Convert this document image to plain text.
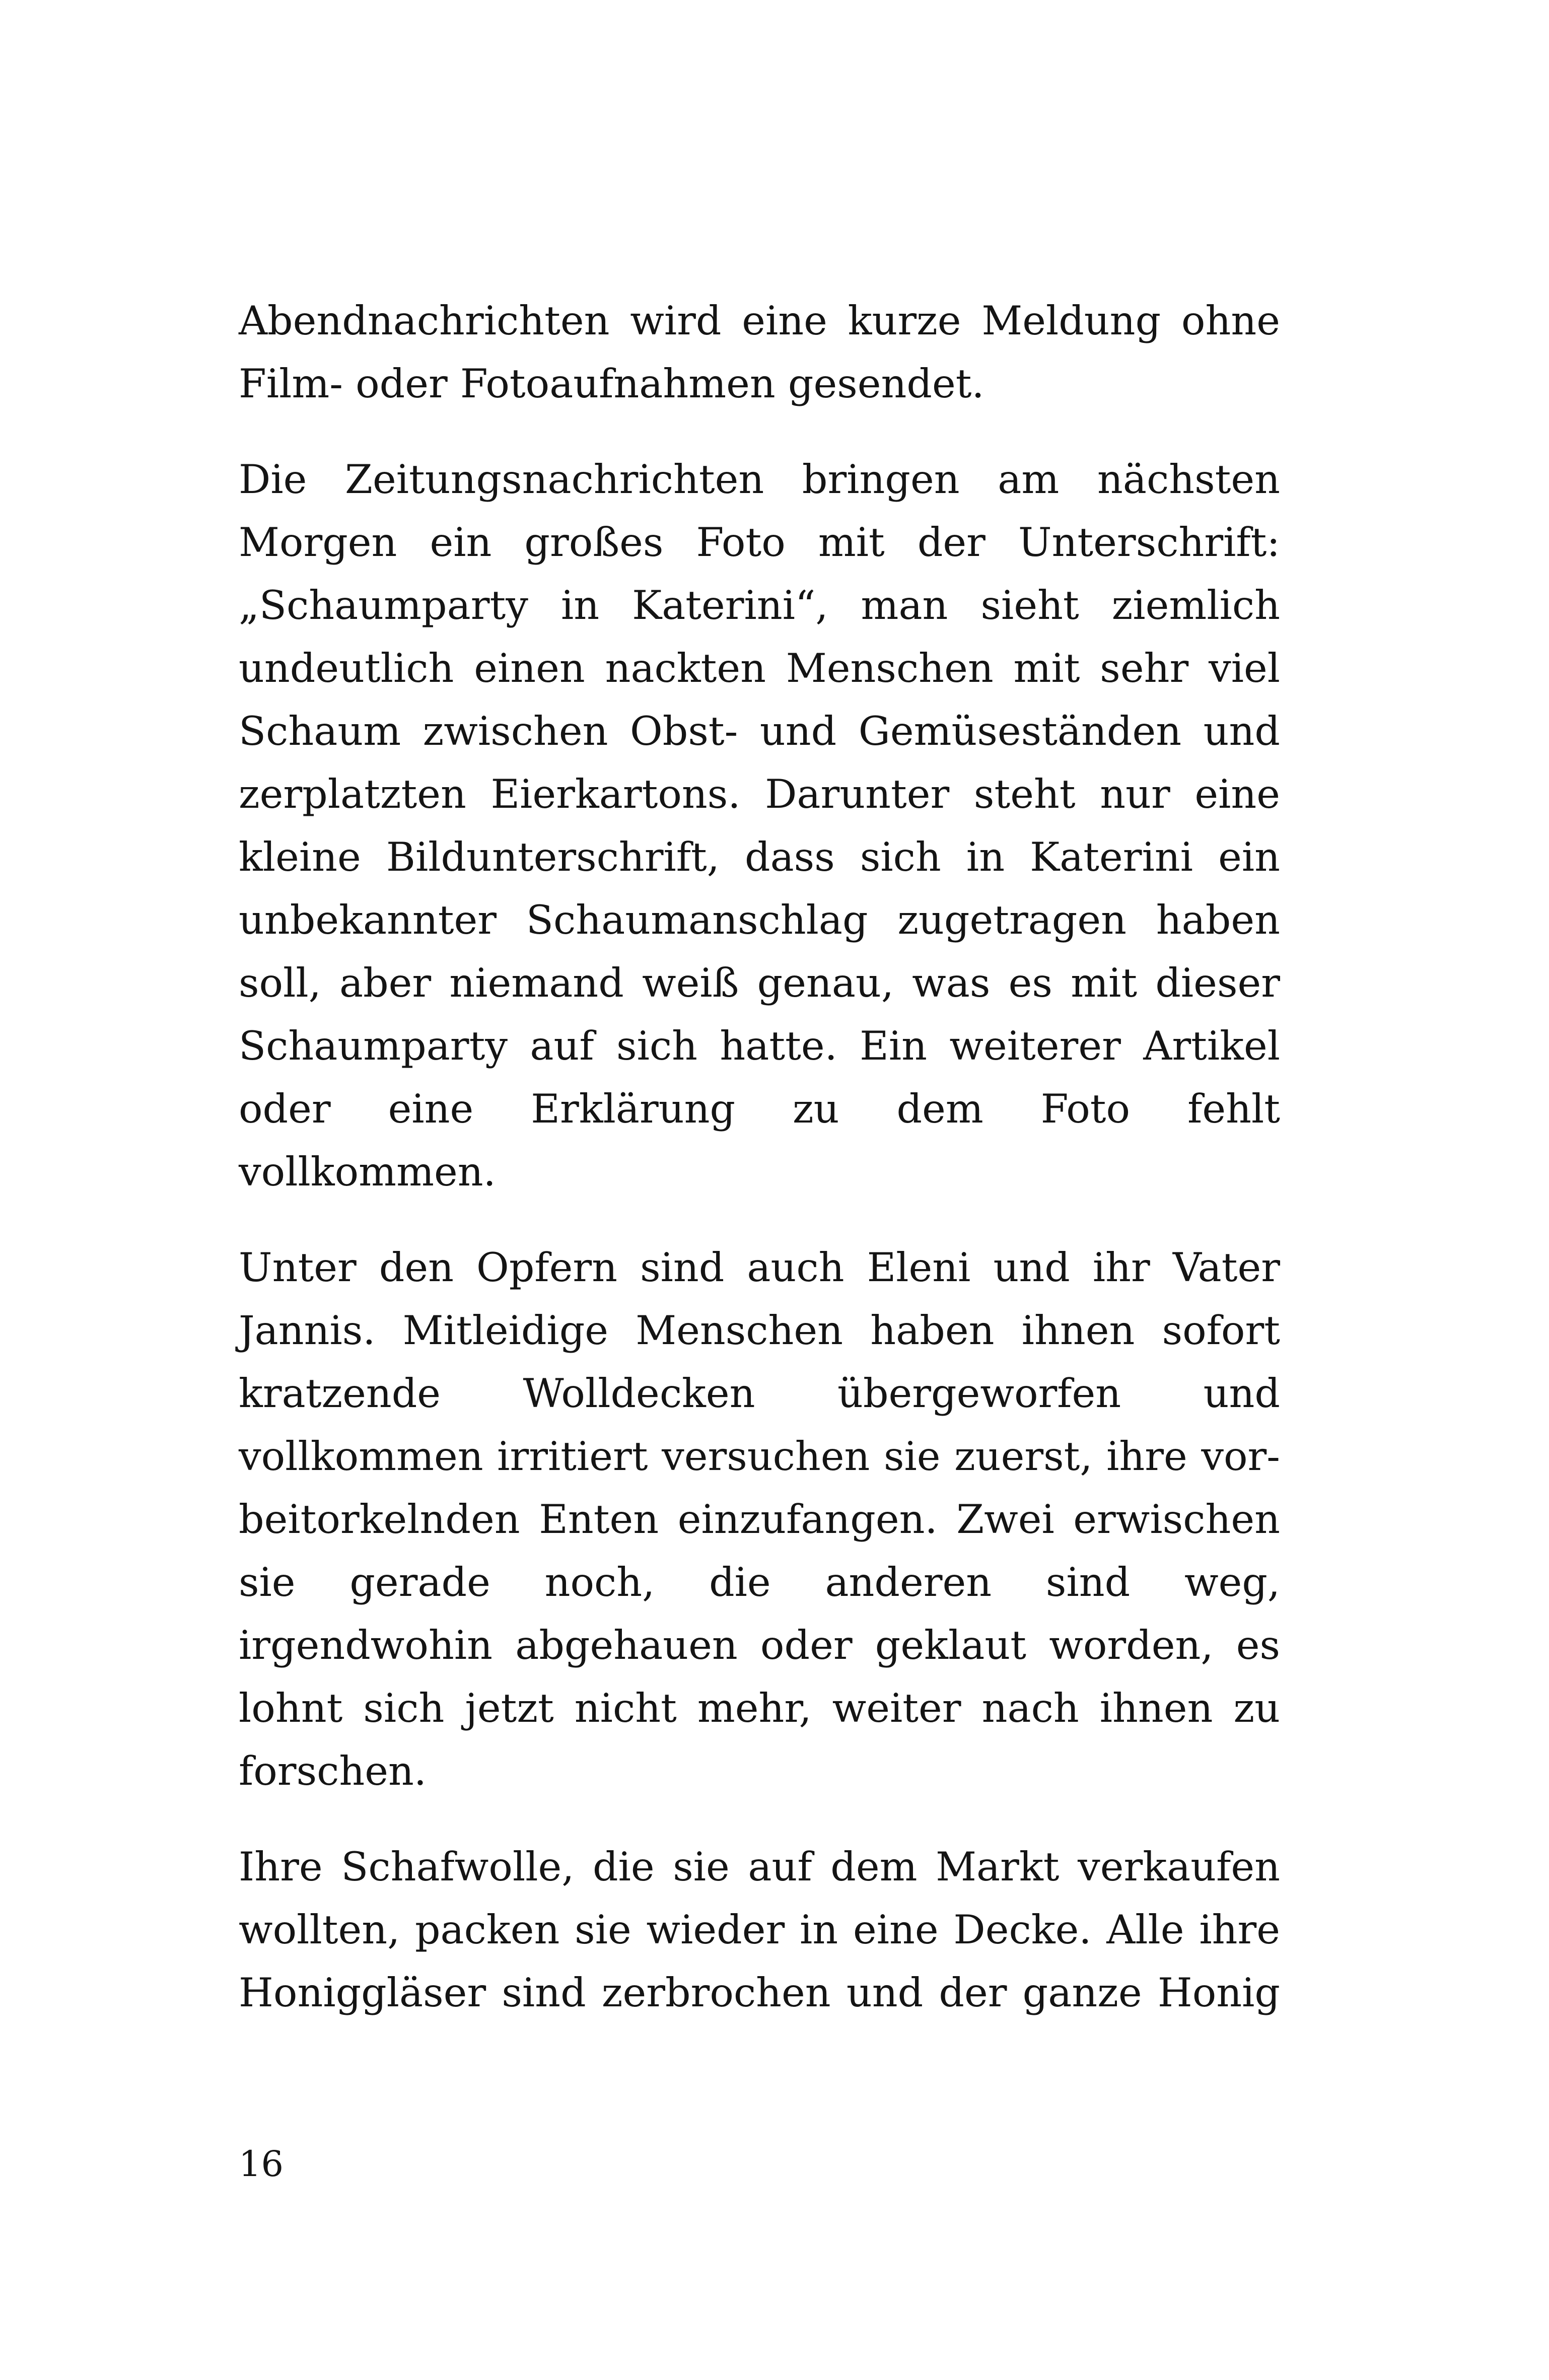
Abendnachrichten wird eine kurze Meldung ohne
Film- oder Fotoaufnahmen gesendet.

Die Zeitungsnachrichten bringen am nächsten
Morgen ein großes Foto mit der Unterschrift:
„Schaumparty in Katerini“, man sieht ziemlich
undeutlich einen nackten Menschen mit sehr viel
Schaum zwischen Obst- und Gemüseständen und
zerplatzten Eierkartons. Darunter steht nur eine
kleine Bildunterschrift, dass sich in Katerini ein
unbekannter Schaumanschlag zugetragen haben
soll, aber niemand weiß genau, was es mit dieser
Schaumparty auf sich hatte. Ein weiterer Artikel
oder eine Erklärung zu dem Foto fehlt
vollkommen.

Unter den Opfern sind auch Eleni und ihr Vater
Jannis. Mitleidige Menschen haben ihnen sofort
kratzende Wolldecken übergeworfen und
vollkommen irritiert versuchen sie zuerst, ihre vor-
beitorkelnden Enten einzufangen. Zwei erwischen
sie gerade noch, die anderen sind weg,
irgendwohin abgehauen oder geklaut worden, es
lohnt sich jetzt nicht mehr, weiter nach ihnen zu
forschen.

Ihre Schafwolle, die sie auf dem Markt verkaufen
wollten, packen sie wieder in eine Decke. Alle ihre
Honiggläser sind zerbrochen und der ganze Honig

16
